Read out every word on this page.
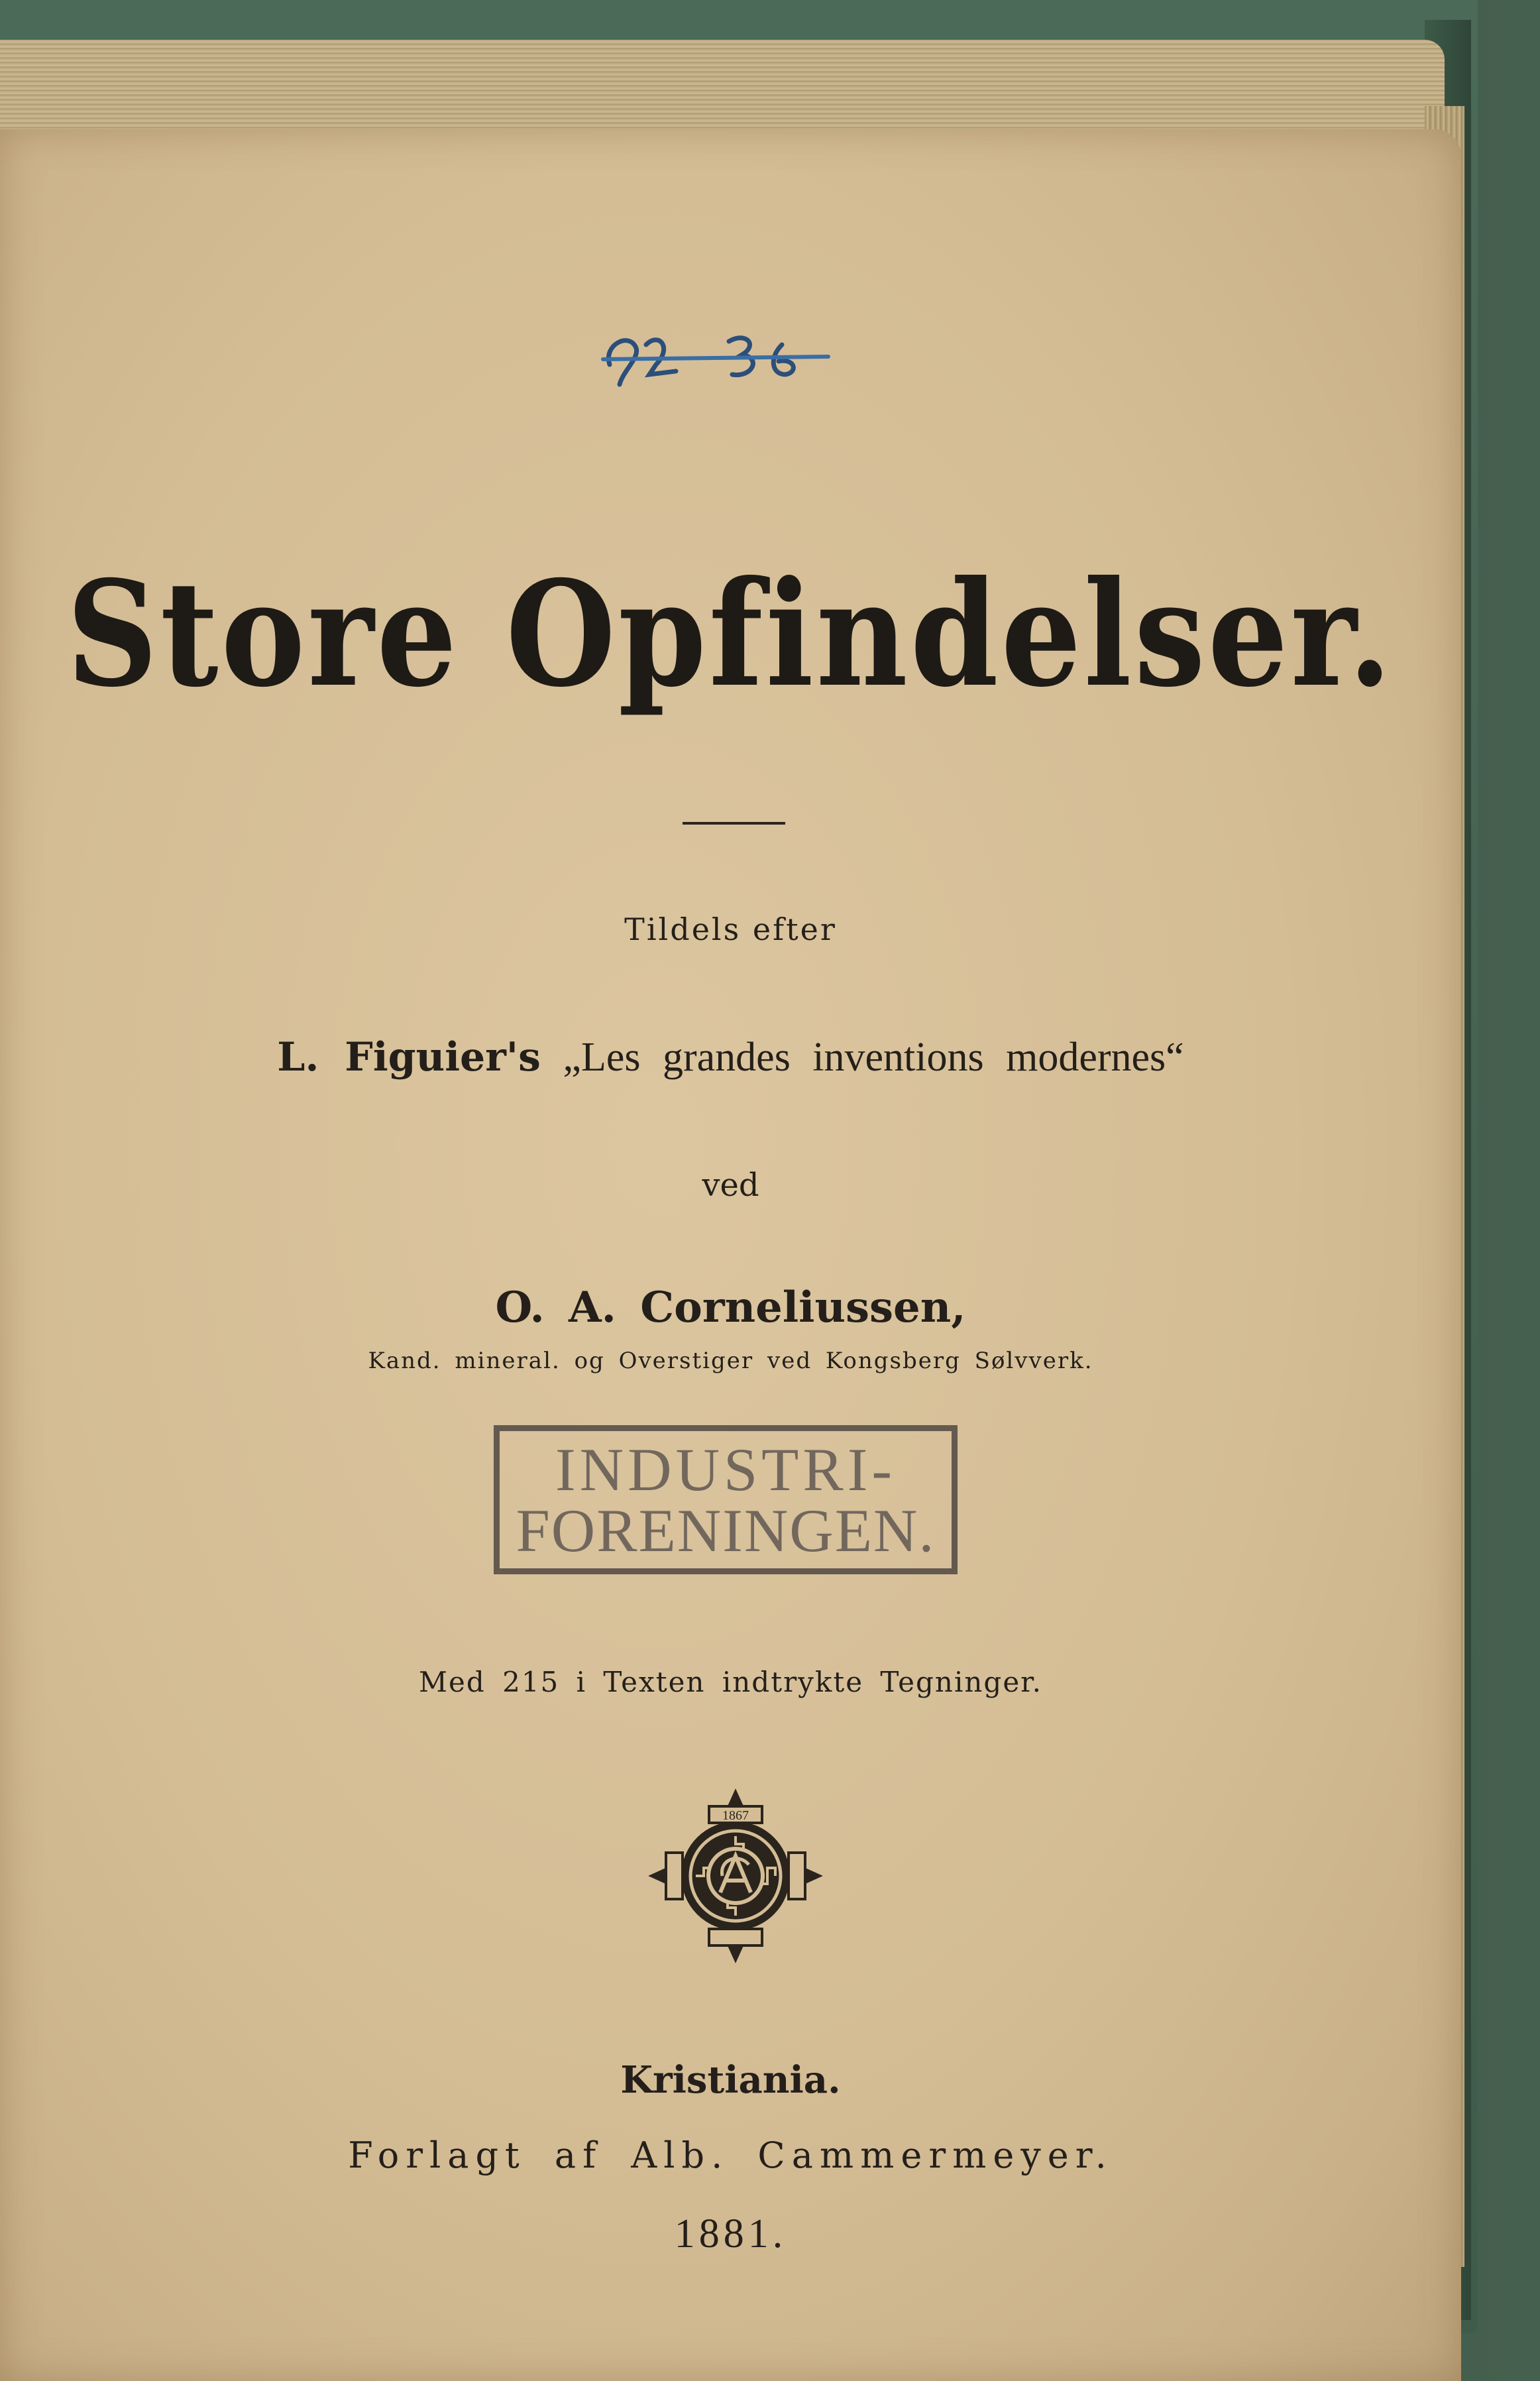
Store Opfindelser.
Tildels efter
L. Figuier's „Les grandes inventions modernes“
ved
O. A. Corneliussen,
Kand. mineral. og Overstiger ved Kongsberg Sølvverk.
INDUSTRI-
FORENINGEN.
Med 215 i Texten indtrykte Tegninger.
1867
Kristiania.
Forlagt af Alb. Cammermeyer.
1881.
